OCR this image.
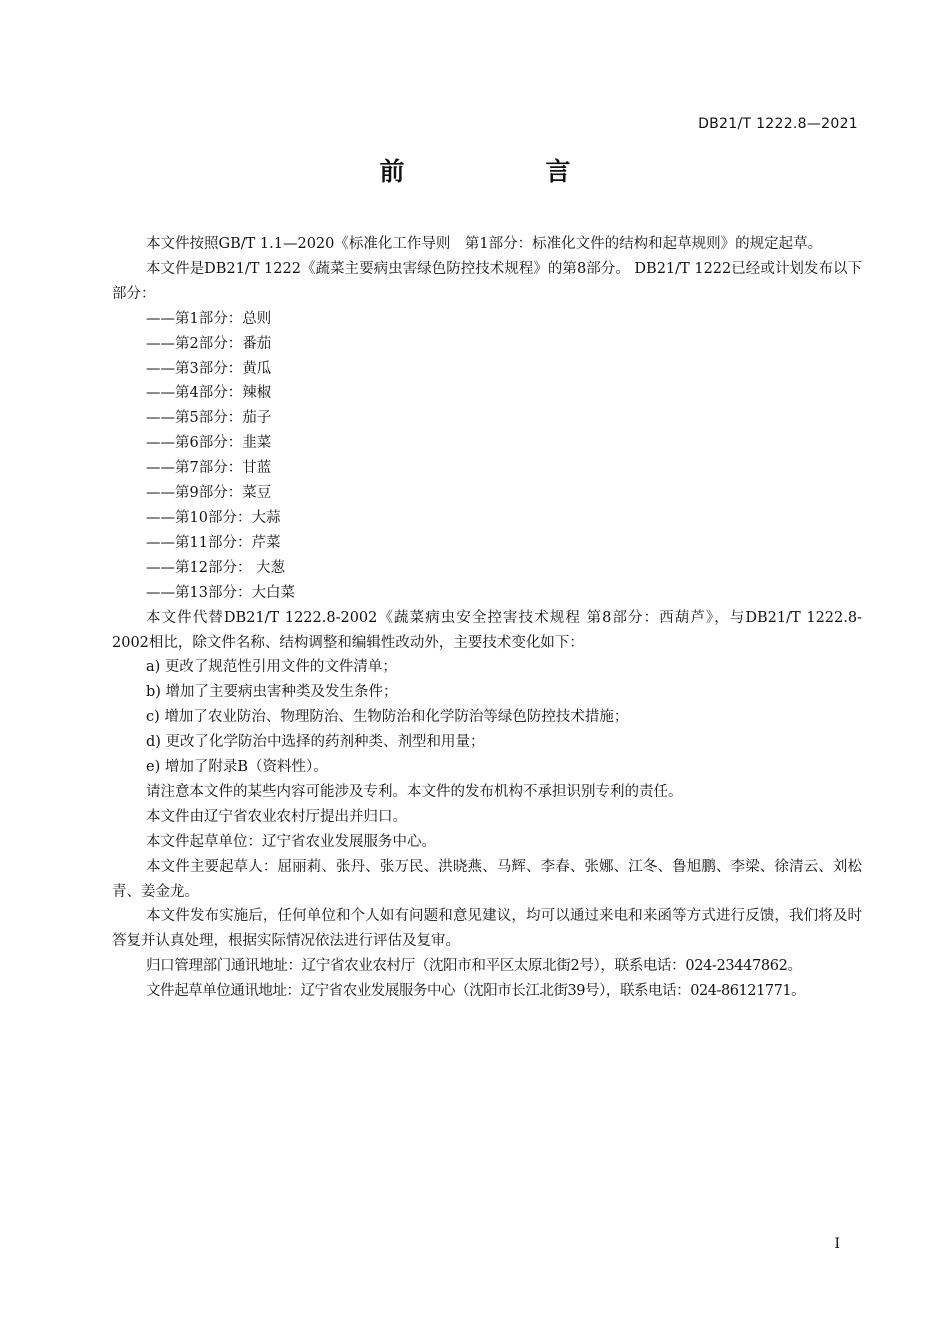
DB21/T 1222.8—2021
前　言

本文件按照GB/T 1.1—2020《标准化工作导则　第1部分：标准化文件的结构和起草规则》的规定起草。

本文件是DB21/T 1222《蔬菜主要病虫害绿色防控技术规程》的第8部分。 DB21/T 1222已经或计划发布以下部分：

——第1部分：总则

——第2部分：番茄

——第3部分：黄瓜

——第4部分：辣椒

——第5部分：茄子

——第6部分：韭菜

——第7部分：甘蓝

——第9部分：菜豆

——第10部分：大蒜

——第11部分：芹菜

——第12部分： 大葱

——第13部分：大白菜

本文件代替DB21/T 1222.8-2002《蔬菜病虫安全控害技术规程 第8部分：西葫芦》，与DB21/T 1222.8-2002相比，除文件名称、结构调整和编辑性改动外，主要技术变化如下：

a) 更改了规范性引用文件的文件清单；

b) 增加了主要病虫害种类及发生条件；

c) 增加了农业防治、物理防治、生物防治和化学防治等绿色防控技术措施；

d) 更改了化学防治中选择的药剂种类、剂型和用量；

e) 增加了附录B（资料性）。

请注意本文件的某些内容可能涉及专利。本文件的发布机构不承担识别专利的责任。

本文件由辽宁省农业农村厅提出并归口。

本文件起草单位：辽宁省农业发展服务中心。

本文件主要起草人：屈丽莉、张丹、张万民、洪晓燕、马辉、李春、张娜、江冬、鲁旭鹏、李梁、徐清云、刘松青、姜金龙。

本文件发布实施后，任何单位和个人如有问题和意见建议，均可以通过来电和来函等方式进行反馈，我们将及时答复并认真处理，根据实际情况依法进行评估及复审。

归口管理部门通讯地址：辽宁省农业农村厅（沈阳市和平区太原北街2号），联系电话：024-23447862。

文件起草单位通讯地址：辽宁省农业发展服务中心（沈阳市长江北街39号），联系电话：024-86121771。

I
